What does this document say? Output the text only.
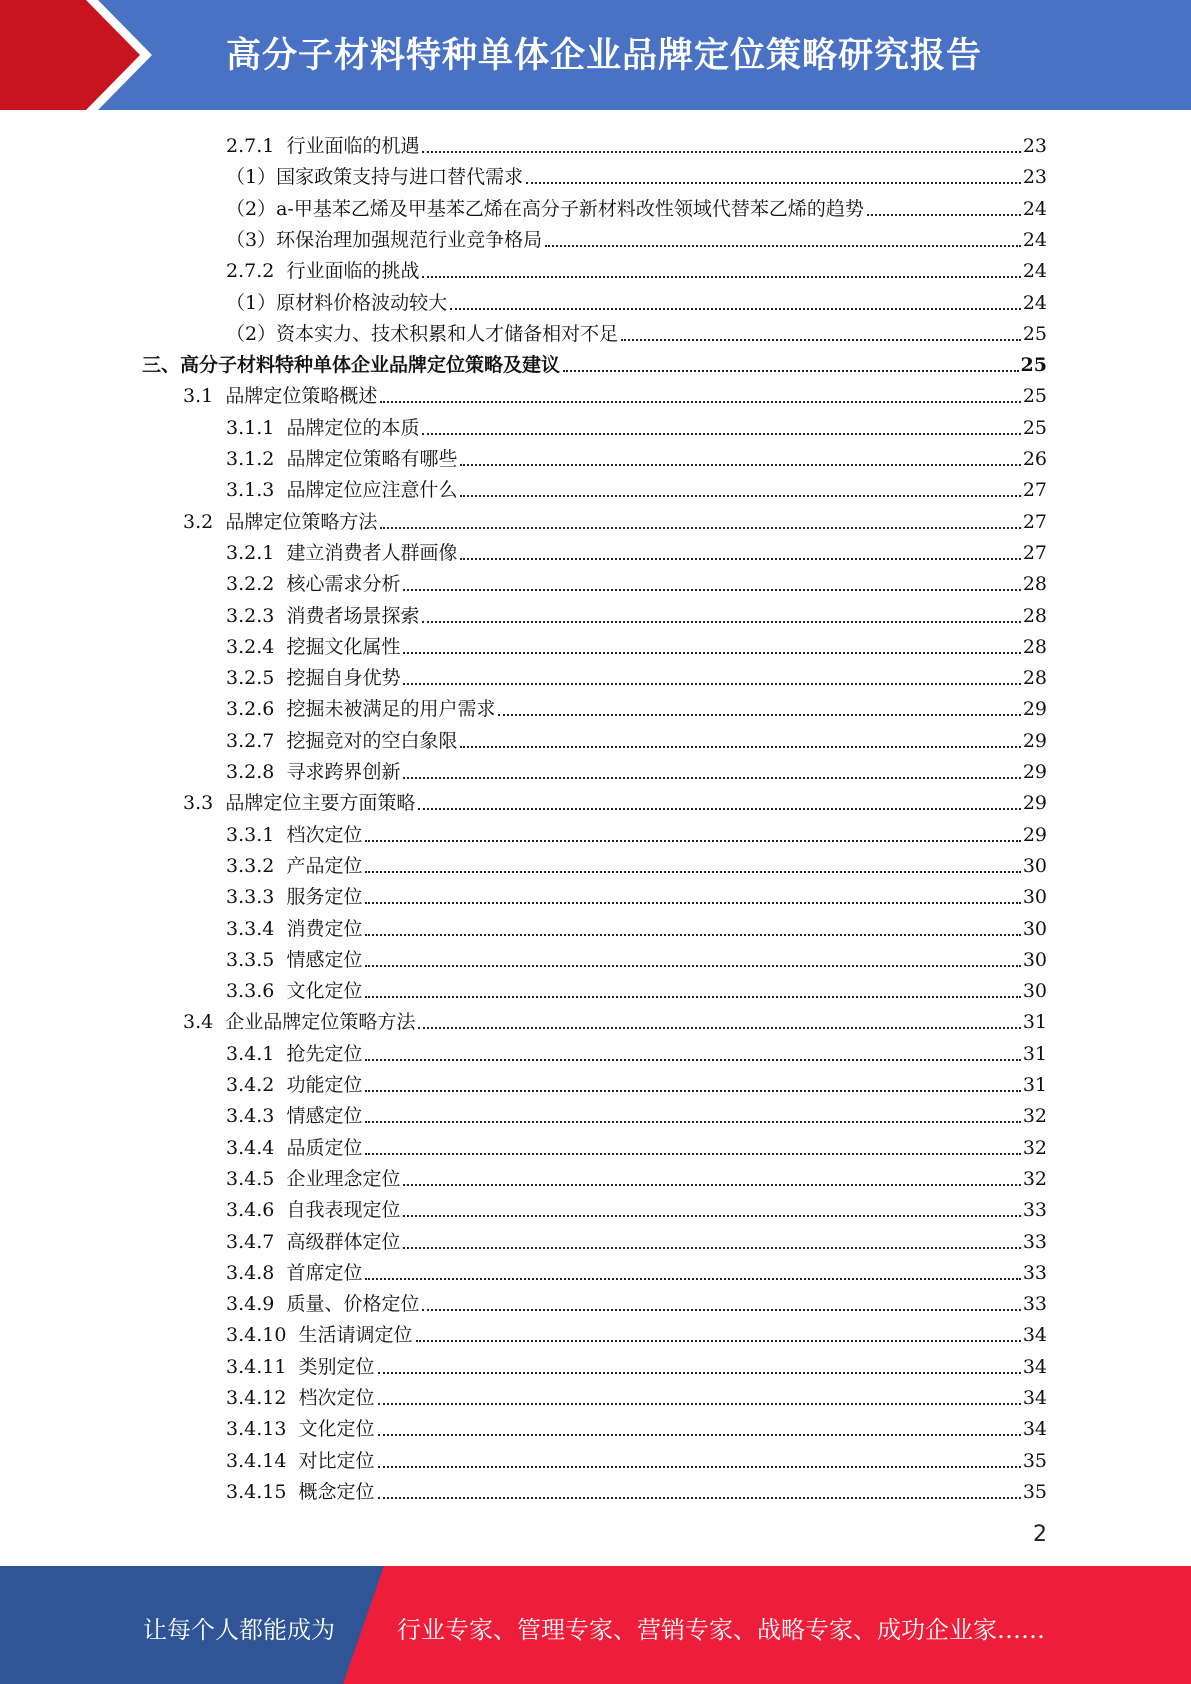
高分子材料特种单体企业品牌定位策略研究报告
2.7.1 行业面临的机遇	23
（1）国家政策支持与进口替代需求	23
（2）a-甲基苯乙烯及甲基苯乙烯在高分子新材料改性领域代替苯乙烯的趋势	24
（3）环保治理加强规范行业竞争格局	24
2.7.2 行业面临的挑战	24
（1）原材料价格波动较大	24
（2）资本实力、技术积累和人才储备相对不足	25
三、高分子材料特种单体企业品牌定位策略及建议	25
3.1 品牌定位策略概述	25
3.1.1 品牌定位的本质	25
3.1.2 品牌定位策略有哪些	26
3.1.3 品牌定位应注意什么	27
3.2 品牌定位策略方法	27
3.2.1 建立消费者人群画像	27
3.2.2 核心需求分析	28
3.2.3 消费者场景探索	28
3.2.4 挖掘文化属性	28
3.2.5 挖掘自身优势	28
3.2.6 挖掘未被满足的用户需求	29
3.2.7 挖掘竞对的空白象限	29
3.2.8 寻求跨界创新	29
3.3 品牌定位主要方面策略	29
3.3.1 档次定位	29
3.3.2 产品定位	30
3.3.3 服务定位	30
3.3.4 消费定位	30
3.3.5 情感定位	30
3.3.6 文化定位	30
3.4 企业品牌定位策略方法	31
3.4.1 抢先定位	31
3.4.2 功能定位	31
3.4.3 情感定位	32
3.4.4 品质定位	32
3.4.5 企业理念定位	32
3.4.6 自我表现定位	33
3.4.7 高级群体定位	33
3.4.8 首席定位	33
3.4.9 质量、价格定位	33
3.4.10 生活请调定位	34
3.4.11 类别定位	34
3.4.12 档次定位	34
3.4.13 文化定位	34
3.4.14 对比定位	35
3.4.15 概念定位	35
2
让每个人都能成为	行业专家、管理专家、营销专家、战略专家、成功企业家……
